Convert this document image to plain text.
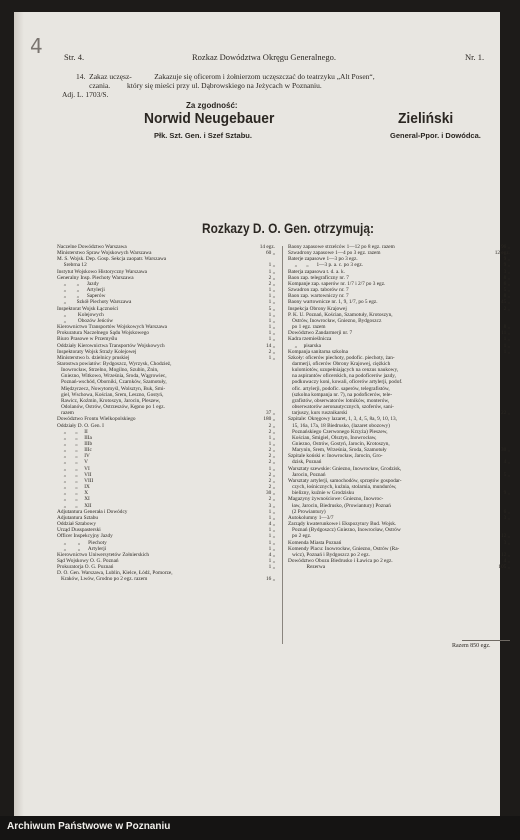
4	Str. 4.	Rozkaz Dowództwa Okręgu Generalnego.	Nr. 1.
14.  Zakaz uczęsz-            Zakazuje się oficerom i żołnierzom uczęszczać do teatrzyku „Alt Posen“,
czania.         który się mieści przy ul. Dąbrowskiego na Jeżycach w Poznaniu.
Adj. L. 1703/S.
Za zgodność:
Norwid Neugebauer
Płk. Szt. Gen. i Szef Sztabu.
Zieliński
General-Ppor. i Dowódca.
Rozkazy D. O. Gen. otrzymują:
Naczelne Dowództwo Warszawa	14 egz.
Ministerstwo Spraw Wojskowych Warszawa	60 „
M. S. Wojsk. Dep. Gosp. Sekcja zaopatr. Warszawa
Srebrna 12	1 „
Instytut Wojskowo Historyczny Warszawa	1 „
Generalny Insp. Piechoty Warszawa	2 „
„        „      Jazdy	2 „
„        „      Artylerji	1 „
„        „      Saperów	1 „
„        Szkół Piechoty Warszawa	1 „
Inspektorat Wojsk Łączności	5 „
„         Kolejowych	1 „
„         Obozów Jeńców	1 „
Kierownictwo Transportów Wojskowych Warszawa	1 „
Prokuratura Naczelnego Sądu Wojskowego	1 „
Biuro Prasowe w Przemyślu	1 „
Oddziały Kierownictwa Transportów Wojskowych	14 „
Inspektoraty Wojsk Straży Kolejowej	2 „
Ministerstwo b. dzielnicy pruskiej	1 „
Starostwa powiatów: Bydgoszcz, Wyrzysk, Chodzież,
Inowrocław, Strzelno, Mogilno, Szubin, Żnin,
Gniezno, Witkowo, Września, Środa, Wągrowiec,
Poznań-wschód, Oborniki, Czarnków, Szamotuły,
Międzyrzecz, Nowytomyśl, Wolsztyn, Buk, Śmi-
giel, Wschowa, Kościan, Śrem, Leszno, Gostyń,
Rawicz, Koźmin, Krotoszyn, Jarocin, Pleszew,
Odolanów, Ostrów, Ostrzeszów, Kępno po 1 egz.
razem	37 „
Dowództwo Frontu Wielkopolskiego	180 „
Oddziały D. O. Gen. I	2 „
„       „     II	2 „
„       „     IIIa	1 „
„       „     IIIb	1 „
„       „     IIIc	2 „
„       „     IV	2 „
„       „     V	2 „
„       „     VI	1 „
„       „     VII	2 „
„       „     VIII	2 „
„       „     IX	2 „
„       „     X	30 „
„       „     XI	2 „
„       „     XII	3 „
Adjutantura Generała i Dowódcy	1 „
Adjutantura Sztabu	1 „
Oddział Sztabowy	4 „
Urząd Dusspasterski	1 „
Officer Inspekcyjny Jazdy	1 „
„         „      Piechoty	1 „
„         „      Artylerji	1 „
Kierownictwo Uniwersytetów Żołnierskich	4 „
Sąd Wojskowy O. G. Poznań	1 „
Prokuratorja O. G. Poznań	1 „
D. O. Gen. Warszawa, Lublin, Kielce, Łódź, Pomorze,
Kraków, Lwów, Grodno po 2 egz. razem	16 „
Baony zapasowe strzelców 1—12 po 8 egz. razem	96 „
Szwadrony zapasowe 1—4 po 3 egz. razem	12 egz.
Baterje zapasowe 1—3 po 3 egz.	9 „
„       „      1—3 p. a. c. po 3 egz.	9 „
Baterja zapasowa t. d. a. k.	3 „
Baon zap. telegraficzny nr. 7	8 „
Kompanje zap. saperów nr. 1/7 i 2/7 po 3 egz.	6 „
Szwadron zap. taborów nr. 7	5 „
Baon zap. wartowniczy nr. 7	8 „
Baony wartownicze nr. 1, 9, 1/7, po 5 egz.	45 „
Inspekcja Obrony Krajowej	2 „
P. K. U. Poznań, Kościan, Szamotuły, Krotoszyn,
Ostrów, Inowrocław, Gniezno, Bydgoszcz
po 1 egz. razem	8 „
Dowództwo Żandarmerji nr. 7	11 „
Kadra rzemieślnicza	1 „
„     pisarska	1 „
Kompanja sanitarna szkolna	1 „
Szkoły: oficerów piechoty, podofic. piechoty, żan-
darmerji, oficerów Obrony Krajowej, ciężkich
kulomiotów, uzupełniających na cenzus naukowy,
na aspirantów oficerskich, na podoficerów jazdy,
podkuwaczy koni, kowali, oficerów artylerji, podof.
ofic. artylerji, podofic. saperów, telegrafistów,
(szkolna kompanja nr. 7), na podoficerów, tele-
grafistów, obserwatorów lotników, monterów,
obserwatorów aeronautycznych, szoferów, sani-
tarjuszy, kurs rusznikarski	22 „
Szpitale: Okręgowy lazaret, 1, 3, 4, 5, 8a, 9, 10, 13,
15, 16a, 17a, 18 Biedrusko, (lazaret obozowy)
Poznańskiego Czerwonego Krzyża) Pleszew,
Kościan, Śmigiel, Olsztyn, Inowrocław,
Gniezno, Ostrów, Gostyń, Jarocin, Krotoszyn,
Marynin, Śrem, Września, Środa, Szamotuły	30 „
Szpitale koński e: Inowrocław, Jarocin, Gro-
dzisk, Poznań	4 „
Warsztaty szewskie: Gniezno, Inowrocław, Grodzisk,
Jarocin, Poznań	5 „
Warsztaty artylerji, samochodów, sprzętów gospodar-
czych, łośnicznych, kuźnia, stolarnia, mundurów,
bielizny, kuźnie w Grodzisku	9 „
Magazyny żywnościowe: Gniezno, Inowroc-
ław, Jarocin, Biedrusko, (Prowiantury) Poznań
(2 Prowiantury)	6 „
Autokolumny 1—3/7	3 „
Zarządy kwaterunkowe i Ekspozytury Bud. Wojsk.
Poznań (Bydgoszcz) Gniezno, Inowrocław, Ostrów
po 2 egz.	12 „
Komenda Miasta Poznań	3 „
Komendy Placu: Inowrocław, Gniezno, Ostrów (Ra-
wicz), Poznań i Bydgoszcz po 2 egz.	12 „
Dowództwo Obozu Biedrusko i Ławica po 2 egz.	4 „
Rezerwa	105 „
Razem 850 egz.
Archiwum Państwowe w Poznaniu
